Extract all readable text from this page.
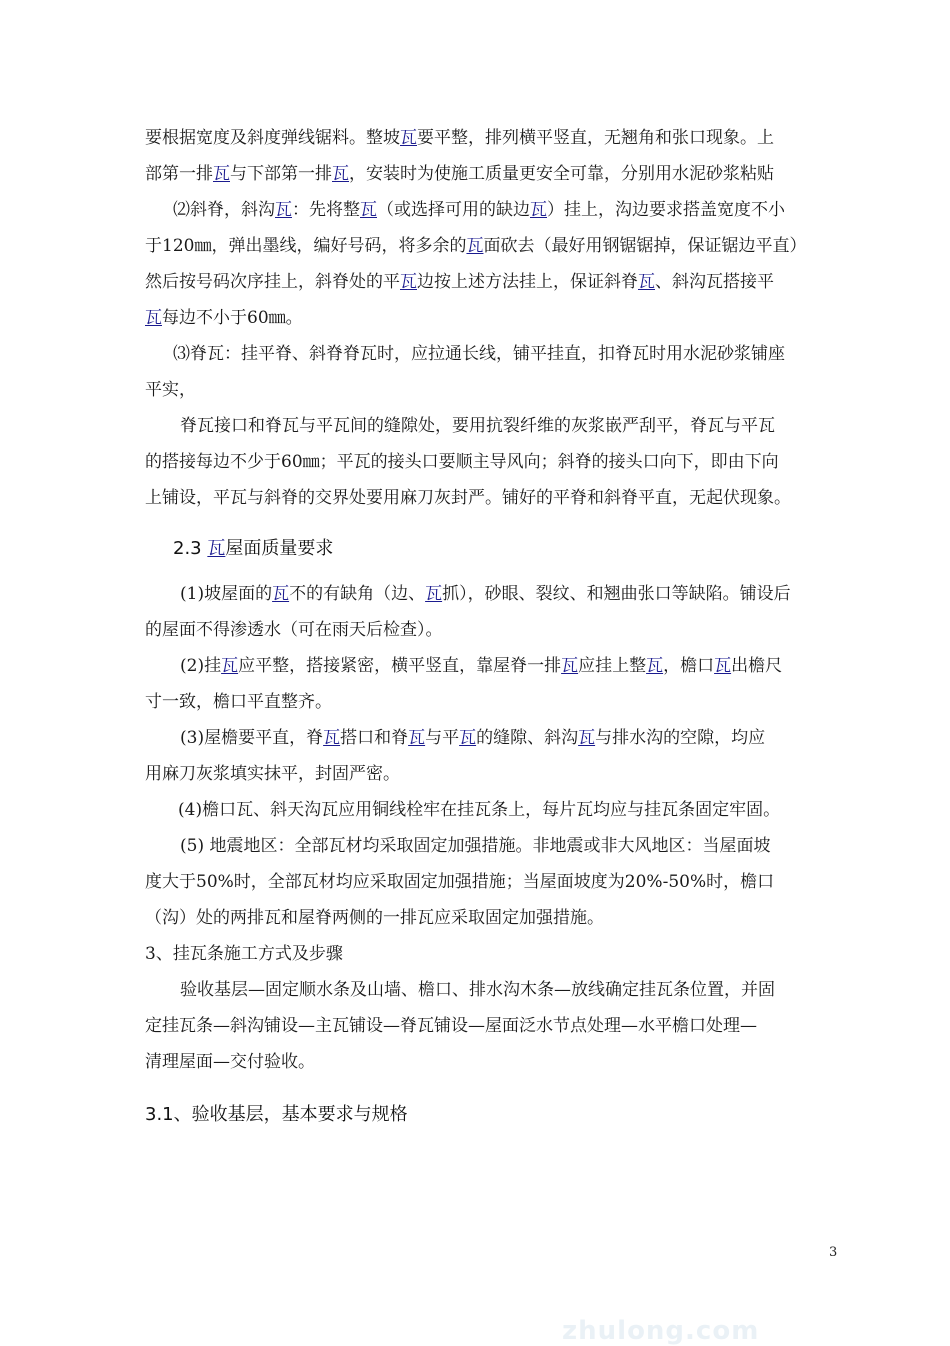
要根据宽度及斜度弹线锯料。整坡瓦要平整，排列横平竖直，无翘角和张口现象。上
部第一排瓦与下部第一排瓦，安装时为使施工质量更安全可靠，分别用水泥砂浆粘贴
⑵斜脊，斜沟瓦：先将整瓦（或选择可用的缺边瓦）挂上，沟边要求搭盖宽度不小
于120㎜，弹出墨线，编好号码，将多余的瓦面砍去（最好用钢锯锯掉，保证锯边平直）
然后按号码次序挂上，斜脊处的平瓦边按上述方法挂上，保证斜脊瓦、斜沟瓦搭接平
瓦每边不小于60㎜。
⑶脊瓦：挂平脊、斜脊脊瓦时，应拉通长线，铺平挂直，扣脊瓦时用水泥砂浆铺座
平实，
脊瓦接口和脊瓦与平瓦间的缝隙处，要用抗裂纤维的灰浆嵌严刮平，脊瓦与平瓦
的搭接每边不少于60㎜；平瓦的接头口要顺主导风向；斜脊的接头口向下，即由下向
上铺设，平瓦与斜脊的交界处要用麻刀灰封严。铺好的平脊和斜脊平直，无起伏现象。
(1)坡屋面的瓦不的有缺角（边、瓦抓），砂眼、裂纹、和翘曲张口等缺陷。铺设后
的屋面不得渗透水（可在雨天后检查）。
(2)挂瓦应平整，搭接紧密，横平竖直，靠屋脊一排瓦应挂上整瓦，檐口瓦出檐尺
寸一致，檐口平直整齐。
(3)屋檐要平直，脊瓦搭口和脊瓦与平瓦的缝隙、斜沟瓦与排水沟的空隙，均应
用麻刀灰浆填实抹平，封固严密。
(4)檐口瓦、斜天沟瓦应用铜线栓牢在挂瓦条上，每片瓦均应与挂瓦条固定牢固。
(5) 地震地区：全部瓦材均采取固定加强措施。非地震或非大风地区：当屋面坡
度大于50%时，全部瓦材均应采取固定加强措施；当屋面坡度为20%-50%时，檐口
（沟）处的两排瓦和屋脊两侧的一排瓦应采取固定加强措施。
3、挂瓦条施工方式及步骤
验收基层—固定顺水条及山墙、檐口、排水沟木条—放线确定挂瓦条位置，并固
定挂瓦条—斜沟铺设—主瓦铺设—脊瓦铺设—屋面泛水节点处理—水平檐口处理—
清理屋面—交付验收。
2.3 瓦屋面质量要求
3.1、验收基层，基本要求与规格
3
zhulong.com
